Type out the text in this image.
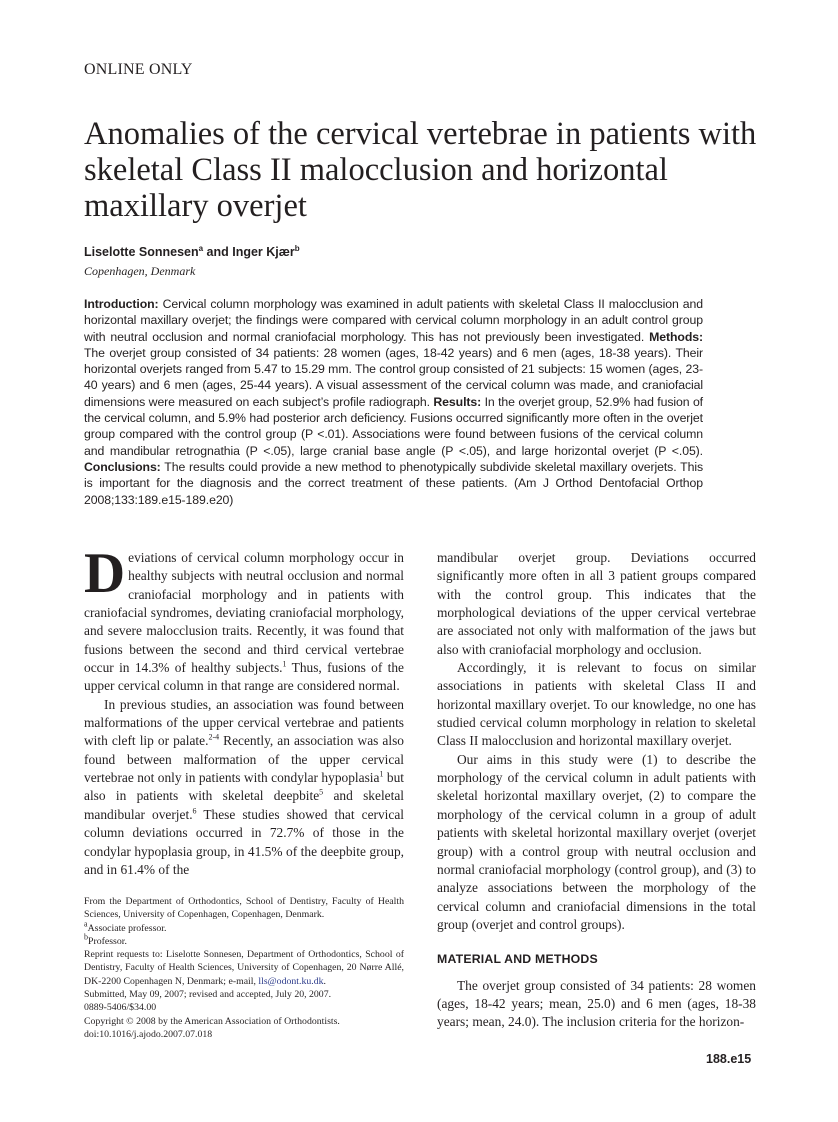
ONLINE ONLY
Anomalies of the cervical vertebrae in patients with skeletal Class II malocclusion and horizontal maxillary overjet
Liselotte Sonnesen$^a$ and Inger Kjær$^b$
Copenhagen, Denmark
Introduction: Cervical column morphology was examined in adult patients with skeletal Class II malocclusion and horizontal maxillary overjet; the findings were compared with cervical column morphology in an adult control group with neutral occlusion and normal craniofacial morphology. This has not previously been investigated. Methods: The overjet group consisted of 34 patients: 28 women (ages, 18-42 years) and 6 men (ages, 18-38 years). Their horizontal overjets ranged from 5.47 to 15.29 mm. The control group consisted of 21 subjects: 15 women (ages, 23-40 years) and 6 men (ages, 25-44 years). A visual assessment of the cervical column was made, and craniofacial dimensions were measured on each subject’s profile radiograph. Results: In the overjet group, 52.9% had fusion of the cervical column, and 5.9% had posterior arch deficiency. Fusions occurred significantly more often in the overjet group compared with the control group (P <.01). Associations were found between fusions of the cervical column and mandibular retrognathia (P <.05), large cranial base angle (P <.05), and large horizontal overjet (P <.05). Conclusions: The results could provide a new method to phenotypically subdivide skeletal maxillary overjets. This is important for the diagnosis and the correct treatment of these patients. (Am J Orthod Dentofacial Orthop 2008;133:189.e15-189.e20)

Deviations of cervical column morphology occur in healthy subjects with neutral occlusion and normal craniofacial morphology and in patients with craniofacial syndromes, deviating craniofacial morphology, and severe malocclusion traits. Recently, it was found that fusions between the second and third cervical vertebrae occur in 14.3% of healthy subjects.$^1$ Thus, fusions of the upper cervical column in that range are considered normal.

In previous studies, an association was found between malformations of the upper cervical vertebrae and patients with cleft lip or palate.$^{2-4}$ Recently, an association was also found between malformation of the upper cervical vertebrae not only in patients with condylar hypoplasia$^1$ but also in patients with skeletal deepbite$^5$ and skeletal mandibular overjet.$^6$ These studies showed that cervical column deviations occurred in 72.7% of those in the condylar hypoplasia group, in 41.5% of the deepbite group, and in 61.4% of the

mandibular overjet group. Deviations occurred significantly more often in all 3 patient groups compared with the control group. This indicates that the morphological deviations of the upper cervical vertebrae are associated not only with malformation of the jaws but also with craniofacial morphology and occlusion.

Accordingly, it is relevant to focus on similar associations in patients with skeletal Class II and horizontal maxillary overjet. To our knowledge, no one has studied cervical column morphology in relation to skeletal Class II malocclusion and horizontal maxillary overjet.

Our aims in this study were (1) to describe the morphology of the cervical column in adult patients with skeletal horizontal maxillary overjet, (2) to compare the morphology of the cervical column in a group of adult patients with skeletal horizontal maxillary overjet (overjet group) with a control group with neutral occlusion and normal craniofacial morphology (control group), and (3) to analyze associations between the morphology of the cervical column and craniofacial dimensions in the total group (overjet and control groups).

MATERIAL AND METHODS

The overjet group consisted of 34 patients: 28 women (ages, 18-42 years; mean, 25.0) and 6 men (ages, 18-38 years; mean, 24.0). The inclusion criteria for the horizon-

From the Department of Orthodontics, School of Dentistry, Faculty of Health Sciences, University of Copenhagen, Copenhagen, Denmark.
$^a$Associate professor.
$^b$Professor.
Reprint requests to: Liselotte Sonnesen, Department of Orthodontics, School of Dentistry, Faculty of Health Sciences, University of Copenhagen, 20 Nørre Allé, DK-2200 Copenhagen N, Denmark; e-mail, lls@odont.ku.dk.
Submitted, May 09, 2007; revised and accepted, July 20, 2007.
0889-5406/$34.00
Copyright © 2008 by the American Association of Orthodontists.
doi:10.1016/j.ajodo.2007.07.018
188.e15
